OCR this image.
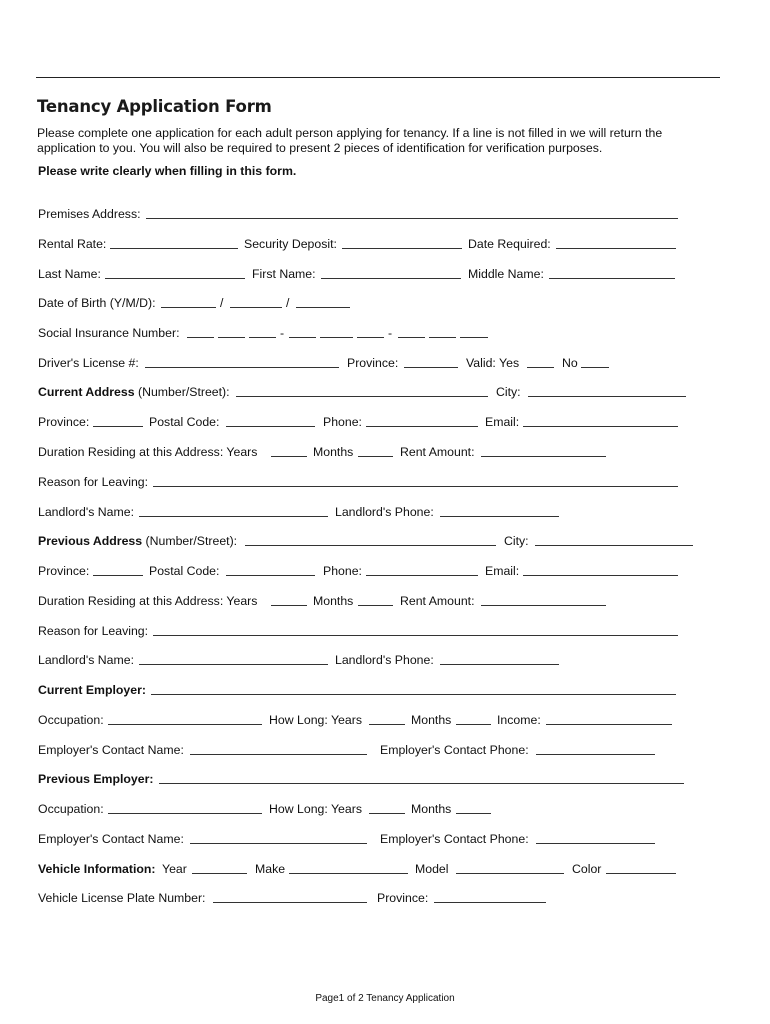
Tenancy Application Form

Please complete one application for each adult person applying for tenancy. If a line is not filled in we will return the

application to you. You will also be required to present 2 pieces of identification for verification purposes.

Please write clearly when filling in this form.
Premises Address:
Rental Rate:	Security Deposit:	Date Required:
Last Name:	First Name:	Middle Name:
Date of Birth (Y/M/D):	/	/
Social Insurance Number:	-	-
Driver's License #:	Province:	Valid: Yes	No
Current Address (Number/Street):	City:
Province:	Postal Code:	Phone:	Email:
Duration Residing at this Address: Years	Months	Rent Amount:
Reason for Leaving:
Landlord's Name:	Landlord's Phone:
Previous Address (Number/Street):	City:
Province:	Postal Code:	Phone:	Email:
Duration Residing at this Address: Years	Months	Rent Amount:
Reason for Leaving:
Landlord's Name:	Landlord's Phone:
Current Employer:
Occupation:	How Long: Years	Months	Income:
Employer's Contact Name:	Employer's Contact Phone:
Previous Employer:
Occupation:	How Long: Years	Months
Employer's Contact Name:	Employer's Contact Phone:
Vehicle Information: Year	Make	Model	Color
Vehicle License Plate Number:	Province:
Page1 of 2 Tenancy Application
